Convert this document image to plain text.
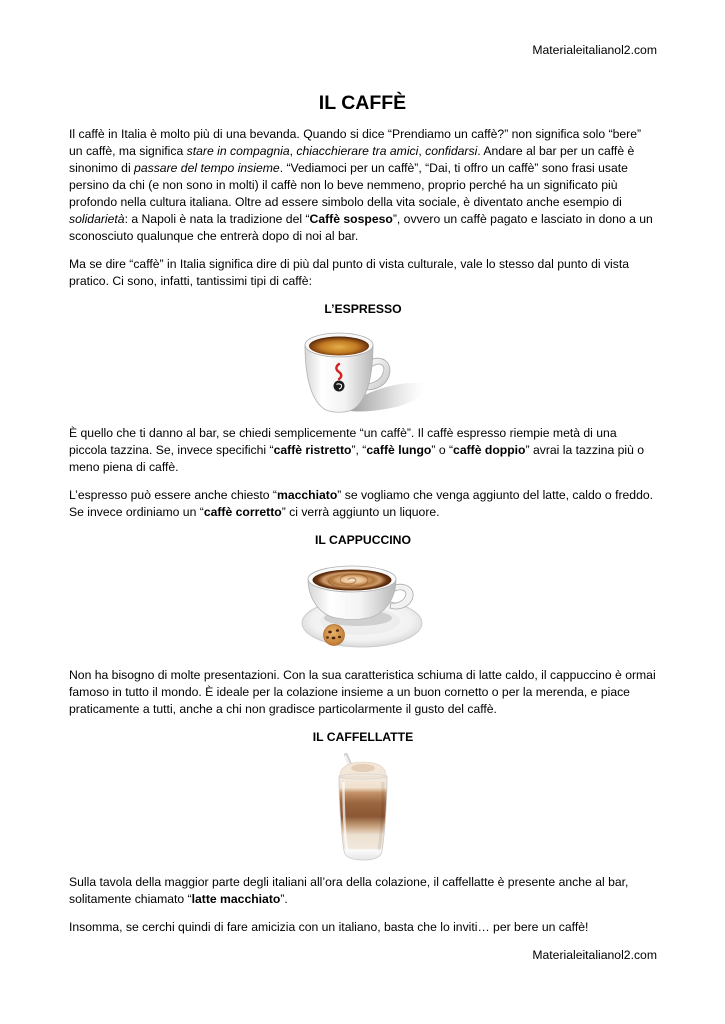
Materialeitalianol2.com
IL CAFFÈ

Il caffè in Italia è molto più di una bevanda. Quando si dice “Prendiamo un caffè?” non significa solo “bere” un caffè, ma significa stare in compagnia, chiacchierare tra amici, confidarsi. Andare al bar per un caffè è sinonimo di passare del tempo insieme. “Vediamoci per un caffè”, “Dai, ti offro un caffè” sono frasi usate persino da chi (e non sono in molti) il caffè non lo beve nemmeno, proprio perché ha un significato più profondo nella cultura italiana. Oltre ad essere simbolo della vita sociale, è diventato anche esempio di solidarietà: a Napoli è nata la tradizione del “Caffè sospeso”, ovvero un caffè pagato e lasciato in dono a un sconosciuto qualunque che entrerà dopo di noi al bar.

Ma se dire “caffè” in Italia significa dire di più dal punto di vista culturale, vale lo stesso dal punto di vista pratico. Ci sono, infatti, tantissimi tipi di caffè:

L’ESPRESSO

È quello che ti danno al bar, se chiedi semplicemente “un caffè”. Il caffè espresso riempie metà di una piccola tazzina. Se, invece specifichi “caffè ristretto”, “caffè lungo” o “caffè doppio” avrai la tazzina più o meno piena di caffè.

L’espresso può essere anche chiesto “macchiato” se vogliamo che venga aggiunto del latte, caldo o freddo. Se invece ordiniamo un “caffè corretto” ci verrà aggiunto un liquore.

IL CAPPUCCINO

Non ha bisogno di molte presentazioni. Con la sua caratteristica schiuma di latte caldo, il cappuccino è ormai famoso in tutto il mondo. È ideale per la colazione insieme a un buon cornetto o per la merenda, e piace praticamente a tutti, anche a chi non gradisce particolarmente il gusto del caffè.

IL CAFFELLATTE

Sulla tavola della maggior parte degli italiani all’ora della colazione, il caffellatte è presente anche al bar, solitamente chiamato “latte macchiato”.

Insomma, se cerchi quindi di fare amicizia con un italiano, basta che lo inviti… per bere un caffè!

Materialeitalianol2.com
